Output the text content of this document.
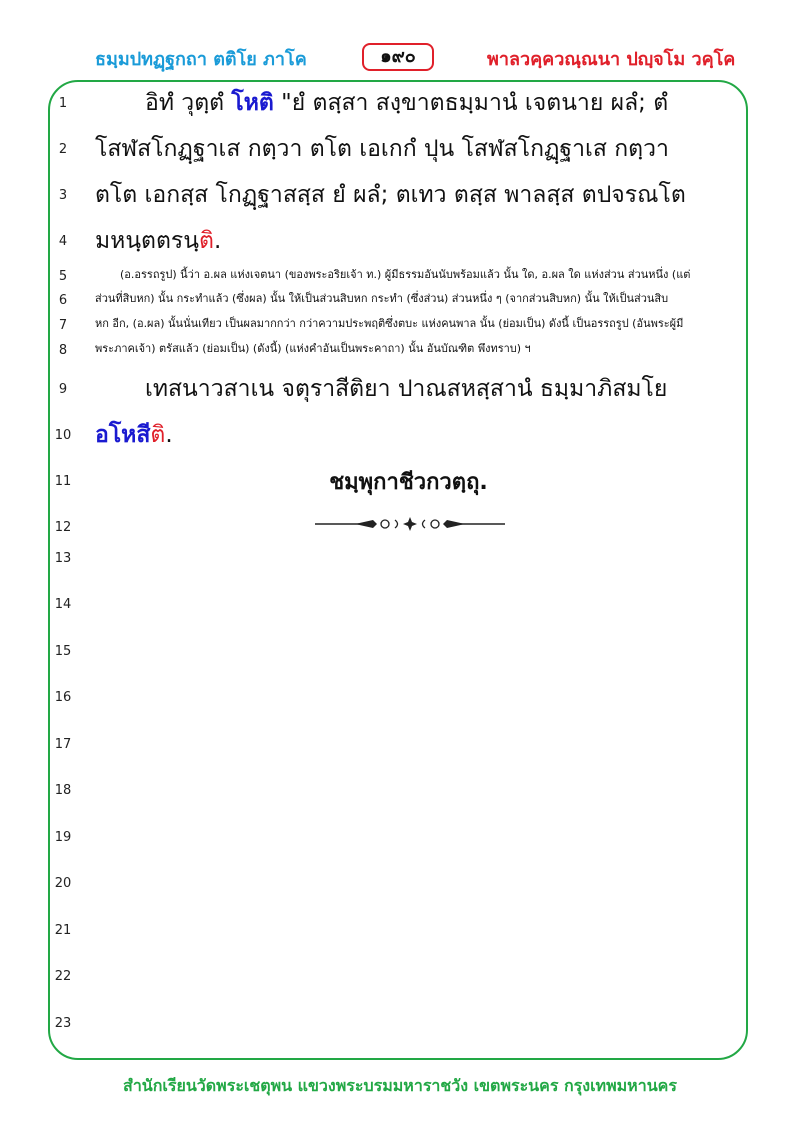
ธมฺมปทฏฺฐกถา ตติโย ภาโค	๑๙๐	พาลวคฺควณฺณนา ปญฺจโม วคฺโค
1
2
3
4
5
6
7
8
9
10
11
12
13
14
15
16
17
18
19
20
21
22
23
อิทํ วุตฺตํ โหติ "ยํ ตสฺสา สงฺขาตธมฺมานํ เจตนาย ผลํ; ตํ
โสฬสโกฏฺฐาเส กตฺวา ตโต เอเกกํ ปุน โสฬสโกฏฺฐาเส กตฺวา
ตโต เอกสฺส โกฏฺฐาสสฺส ยํ ผลํ; ตเทว ตสฺส พาลสฺส ตปจรณโต
มหนฺตตรนฺติ.
(อ.อรรถรูป) นี้ว่า อ.ผล แห่งเจตนา (ของพระอริยเจ้า ท.) ผู้มีธรรมอันนับพร้อมแล้ว นั้น ใด, อ.ผล ใด แห่งส่วน ส่วนหนึ่ง (แต่
ส่วนที่สิบหก) นั้น กระทำแล้ว (ซึ่งผล) นั้น ให้เป็นส่วนสิบหก กระทำ (ซึ่งส่วน) ส่วนหนึ่ง ๆ (จากส่วนสิบหก) นั้น ให้เป็นส่วนสิบ
หก อีก, (อ.ผล) นั้นนั่นเทียว เป็นผลมากกว่า กว่าความประพฤติซึ่งตบะ แห่งคนพาล นั้น (ย่อมเป็น) ดังนี้ เป็นอรรถรูป (อันพระผู้มี
พระภาคเจ้า) ตรัสแล้ว (ย่อมเป็น) (ดังนี้) (แห่งคำอันเป็นพระคาถา) นั้น อันบัณฑิต พึงทราบ) ฯ
เทสนาวสาเน จตุราสีติยา ปาณสหสฺสานํ ธมฺมาภิสมโย
อโหสีติ.
ชมฺพุกาชีวกวตฺถุ.
สำนักเรียนวัดพระเชตุพน แขวงพระบรมมหาราชวัง เขตพระนคร กรุงเทพมหานคร
